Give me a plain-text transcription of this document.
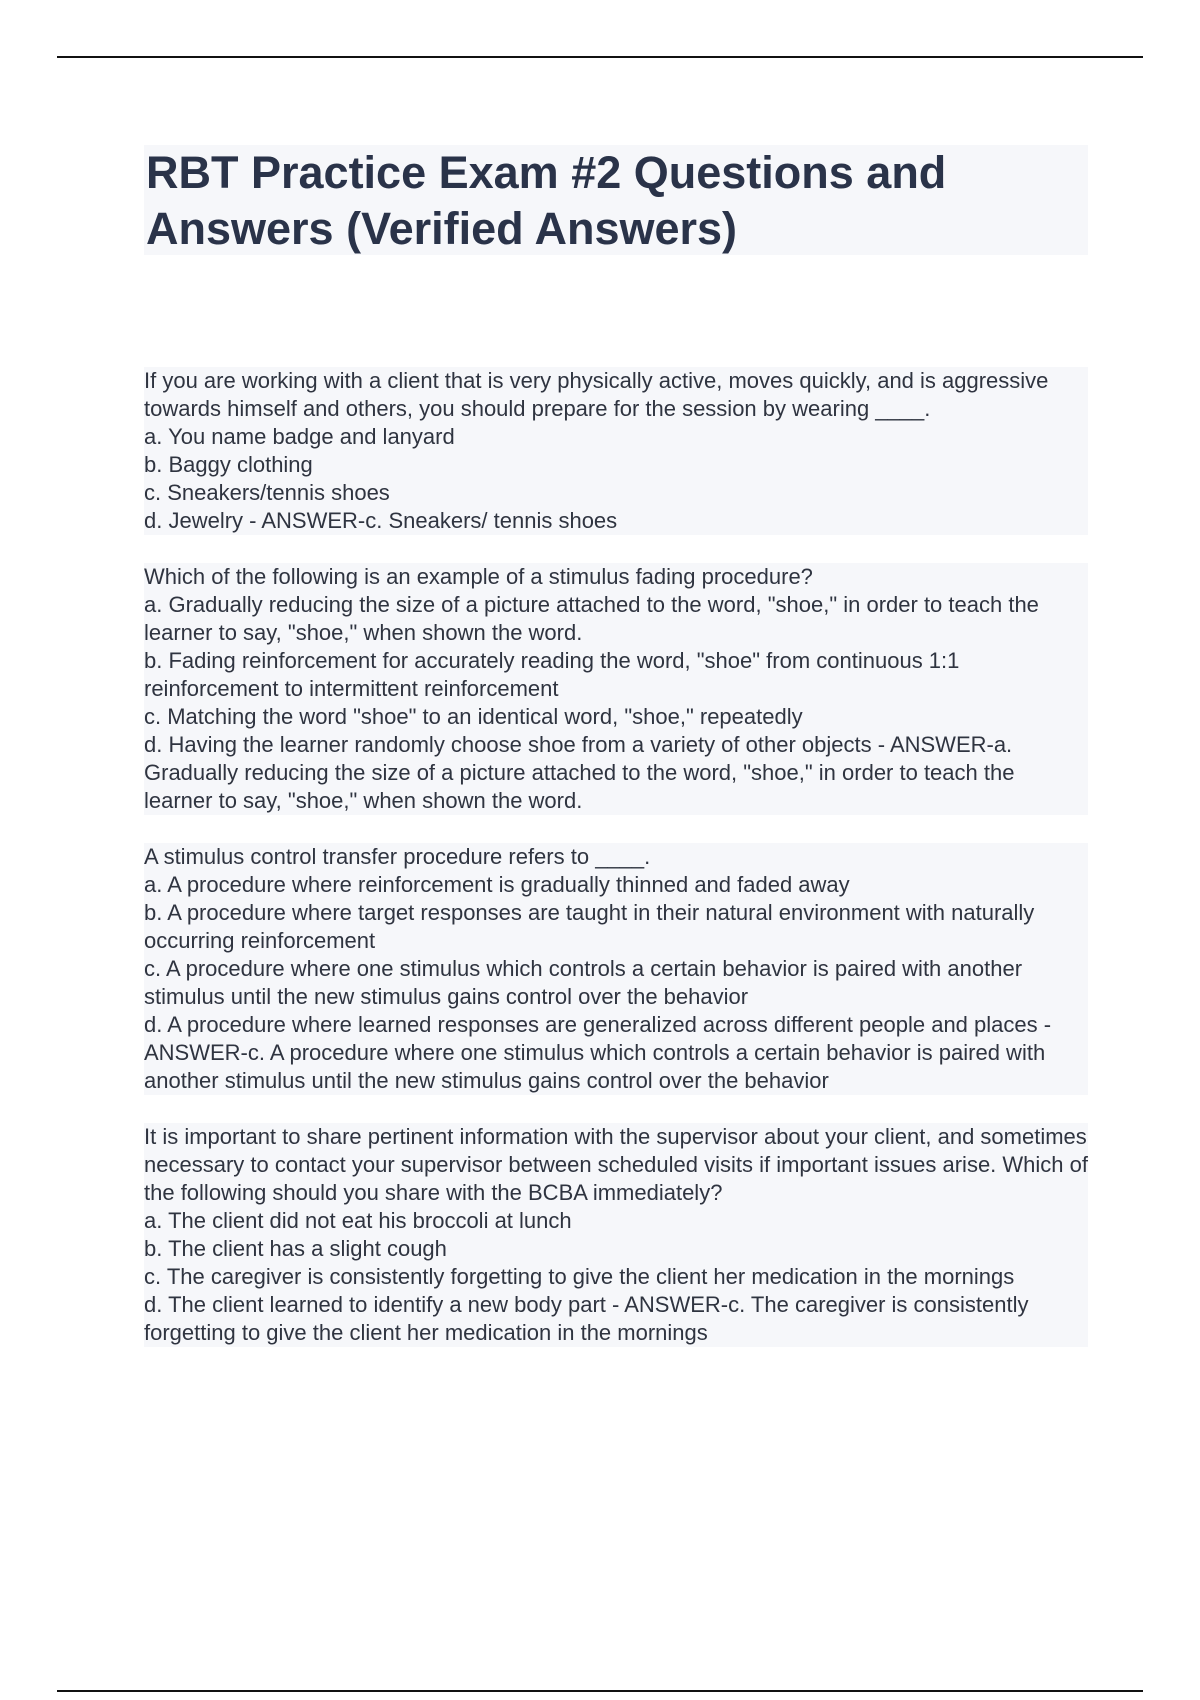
RBT Practice Exam #2 Questions and Answers (Verified Answers)
If you are working with a client that is very physically active, moves quickly, and is aggressive towards himself and others, you should prepare for the session by wearing ____.
a. You name badge and lanyard
b. Baggy clothing
c. Sneakers/tennis shoes
d. Jewelry - ANSWER-c. Sneakers/ tennis shoes
Which of the following is an example of a stimulus fading procedure?
a. Gradually reducing the size of a picture attached to the word, "shoe," in order to teach the learner to say, "shoe," when shown the word.
b. Fading reinforcement for accurately reading the word, "shoe" from continuous 1:1 reinforcement to intermittent reinforcement
c. Matching the word "shoe" to an identical word, "shoe," repeatedly
d. Having the learner randomly choose shoe from a variety of other objects - ANSWER-a. Gradually reducing the size of a picture attached to the word, "shoe," in order to teach the learner to say, "shoe," when shown the word.
A stimulus control transfer procedure refers to ____.
a. A procedure where reinforcement is gradually thinned and faded away
b. A procedure where target responses are taught in their natural environment with naturally occurring reinforcement
c. A procedure where one stimulus which controls a certain behavior is paired with another stimulus until the new stimulus gains control over the behavior
d. A procedure where learned responses are generalized across different people and places - ANSWER-c. A procedure where one stimulus which controls a certain behavior is paired with another stimulus until the new stimulus gains control over the behavior
It is important to share pertinent information with the supervisor about your client, and sometimes necessary to contact your supervisor between scheduled visits if important issues arise. Which of the following should you share with the BCBA immediately?
a. The client did not eat his broccoli at lunch
b. The client has a slight cough
c. The caregiver is consistently forgetting to give the client her medication in the mornings
d. The client learned to identify a new body part - ANSWER-c. The caregiver is consistently forgetting to give the client her medication in the mornings
